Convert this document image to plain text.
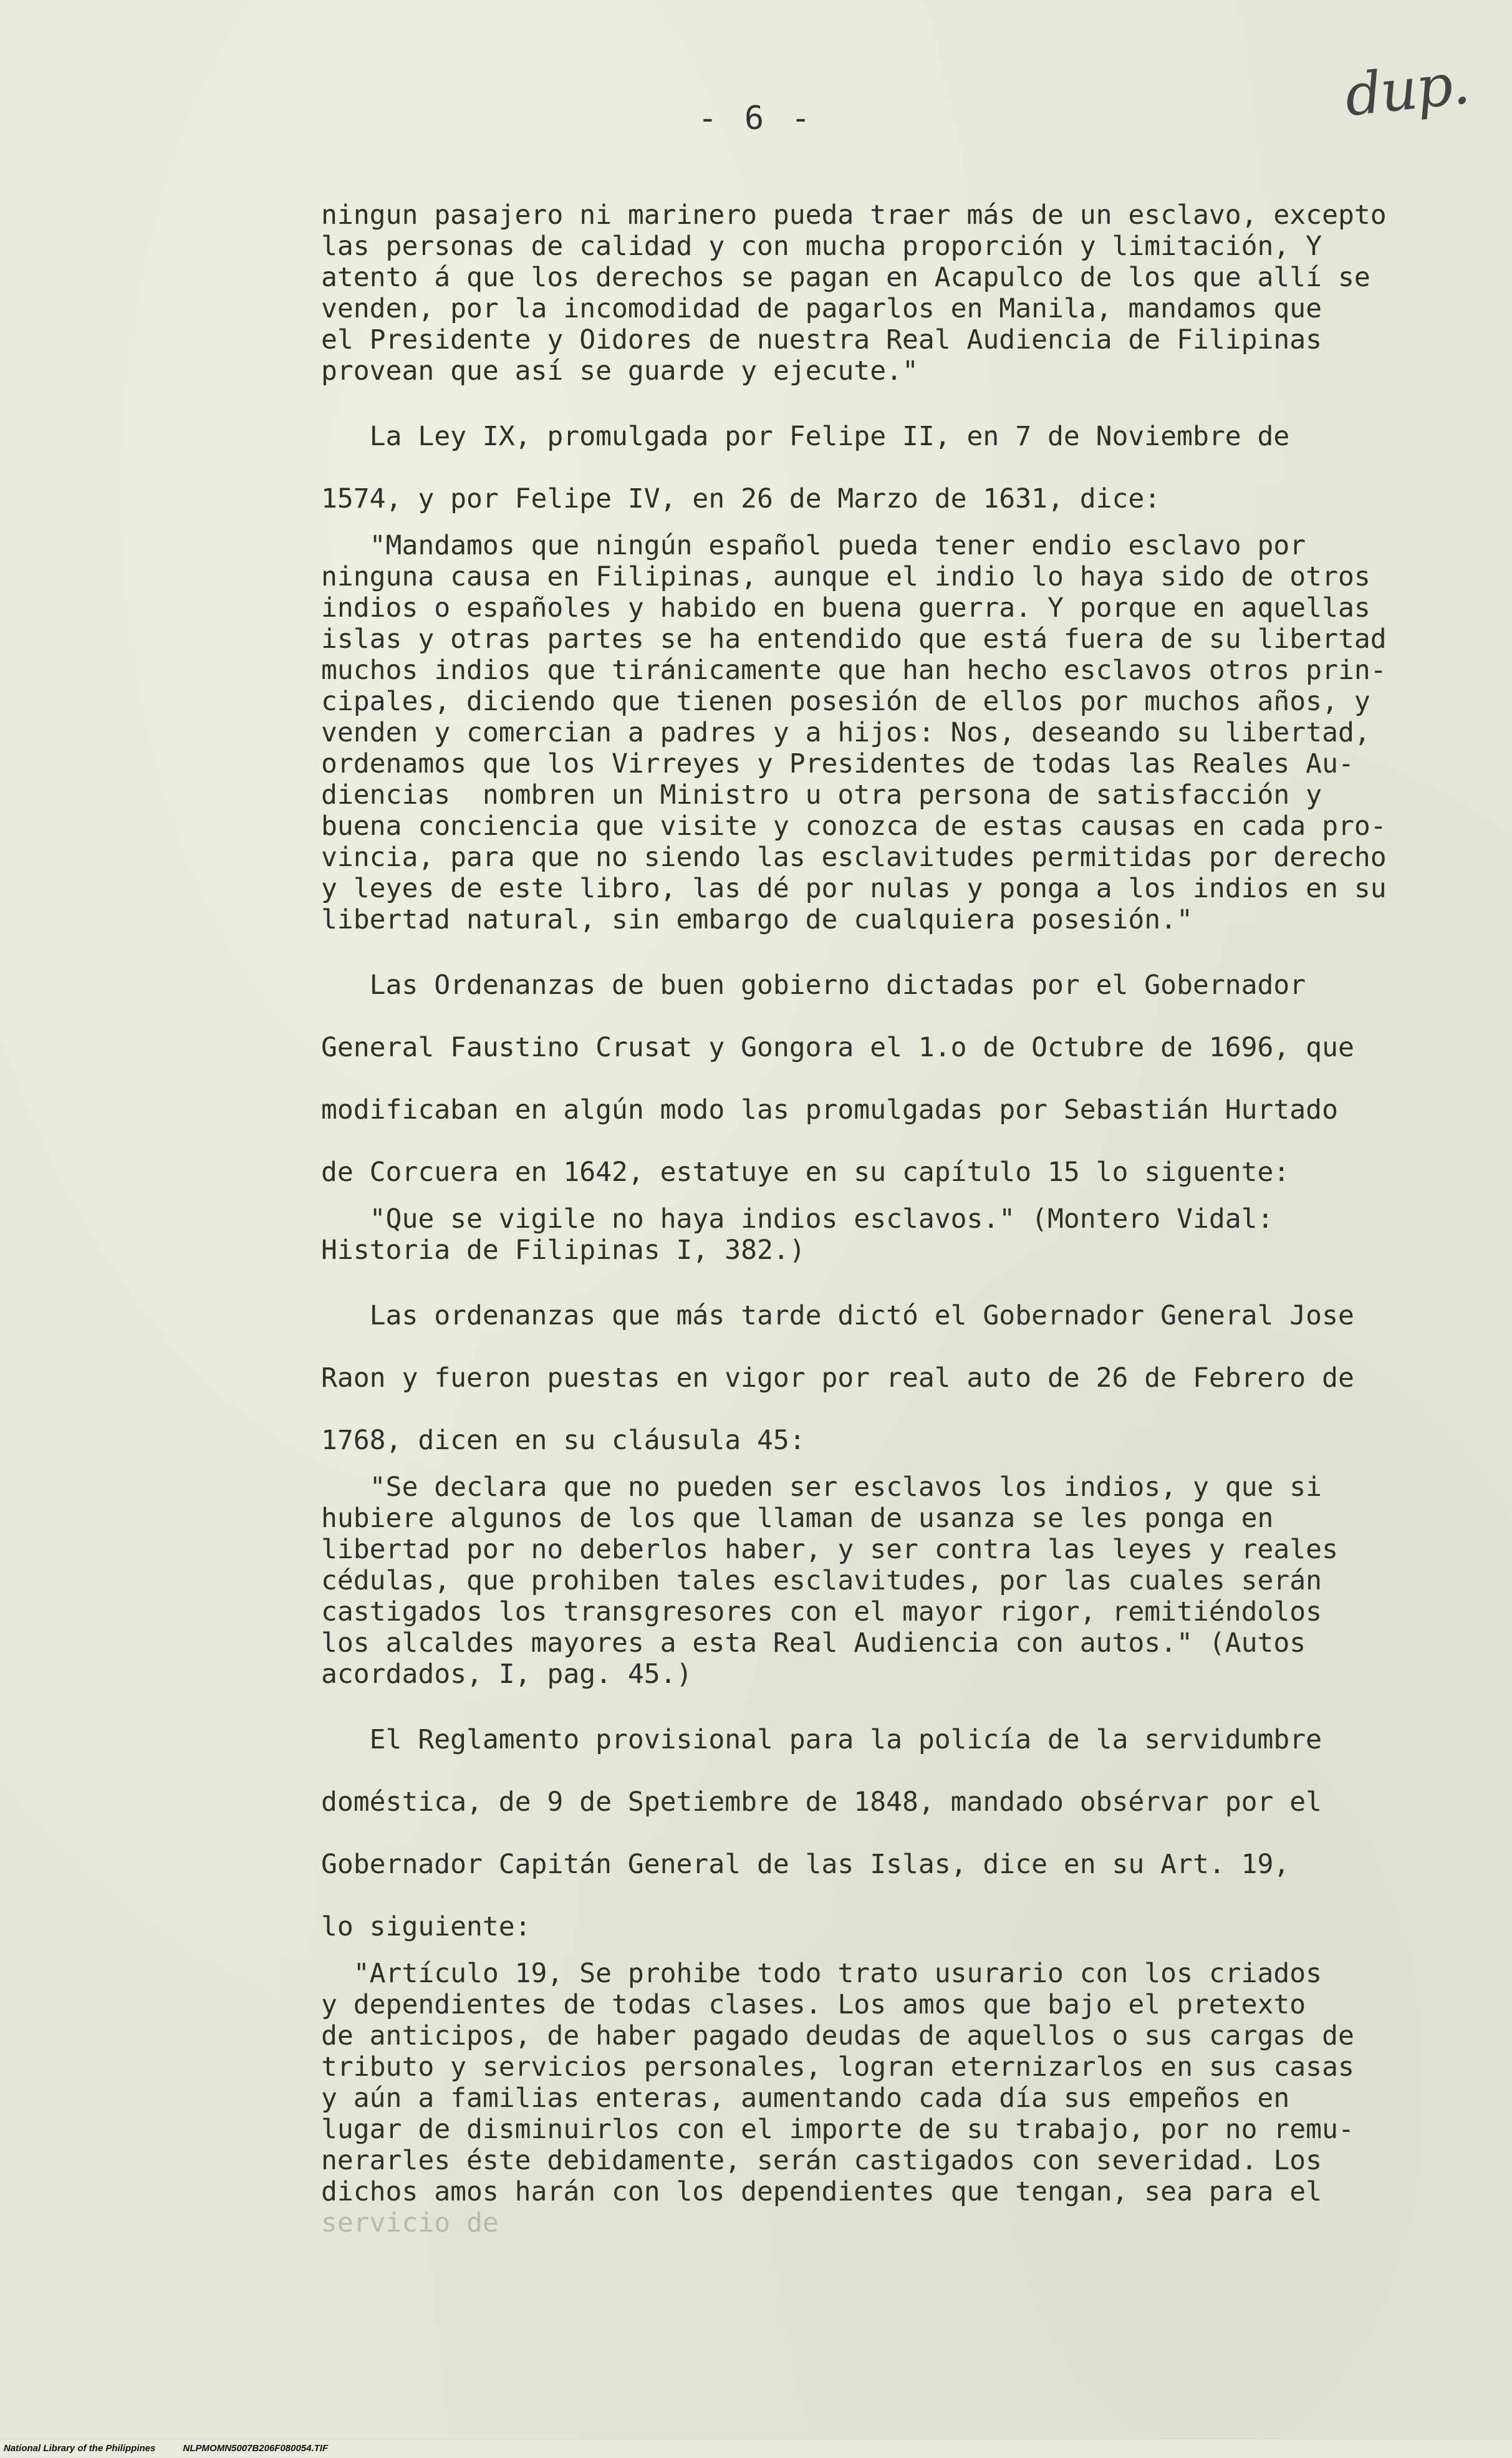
dup.
- 6 -

ningun pasajero ni marinero pueda traer más de un esclavo, excepto

las personas de calidad y con mucha proporción y limitación, Y

atento á que los derechos se pagan en Acapulco de los que allí se

venden, por la incomodidad de pagarlos en Manila, mandamos que

el Presidente y Oidores de nuestra Real Audiencia de Filipinas

provean que así se guarde y ejecute."

La Ley IX, promulgada por Felipe II, en 7 de Noviembre de

1574, y por Felipe IV, en 26 de Marzo de 1631, dice:

"Mandamos que ningún español pueda tener endio esclavo por

ninguna causa en Filipinas, aunque el indio lo haya sido de otros

indios o españoles y habido en buena guerra. Y porque en aquellas

islas y otras partes se ha entendido que está fuera de su libertad

muchos indios que tiránicamente que han hecho esclavos otros prin-

cipales, diciendo que tienen posesión de ellos por muchos años, y

venden y comercian a padres y a hijos: Nos, deseando su libertad,

ordenamos que los Virreyes y Presidentes de todas las Reales Au-

diencias  nombren un Ministro u otra persona de satisfacción y

buena conciencia que visite y conozca de estas causas en cada pro-

vincia, para que no siendo las esclavitudes permitidas por derecho

y leyes de este libro, las dé por nulas y ponga a los indios en su

libertad natural, sin embargo de cualquiera posesión."

Las Ordenanzas de buen gobierno dictadas por el Gobernador

General Faustino Crusat y Gongora el 1.o de Octubre de 1696, que

modificaban en algún modo las promulgadas por Sebastián Hurtado

de Corcuera en 1642, estatuye en su capítulo 15 lo siguente:

"Que se vigile no haya indios esclavos." (Montero Vidal:

Historia de Filipinas I, 382.)

Las ordenanzas que más tarde dictó el Gobernador General Jose

Raon y fueron puestas en vigor por real auto de 26 de Febrero de

1768, dicen en su cláusula 45:

"Se declara que no pueden ser esclavos los indios, y que si

hubiere algunos de los que llaman de usanza se les ponga en

libertad por no deberlos haber, y ser contra las leyes y reales

cédulas, que prohiben tales esclavitudes, por las cuales serán

castigados los transgresores con el mayor rigor, remitiéndolos

los alcaldes mayores a esta Real Audiencia con autos." (Autos

acordados, I, pag. 45.)

El Reglamento provisional para la policía de la servidumbre

doméstica, de 9 de Spetiembre de 1848, mandado obsérvar por el

Gobernador Capitán General de las Islas, dice en su Art. 19,

lo siguiente:

"Artículo 19, Se prohibe todo trato usurario con los criados

y dependientes de todas clases. Los amos que bajo el pretexto

de anticipos, de haber pagado deudas de aquellos o sus cargas de

tributo y servicios personales, logran eternizarlos en sus casas

y aún a familias enteras, aumentando cada día sus empeños en

lugar de disminuirlos con el importe de su trabajo, por no remu-

nerarles éste debidamente, serán castigados con severidad. Los

dichos amos harán con los dependientes que tengan, sea para el

servicio de

National Library of the Philippines	NLPMOMN5007B206F080054.TIF
